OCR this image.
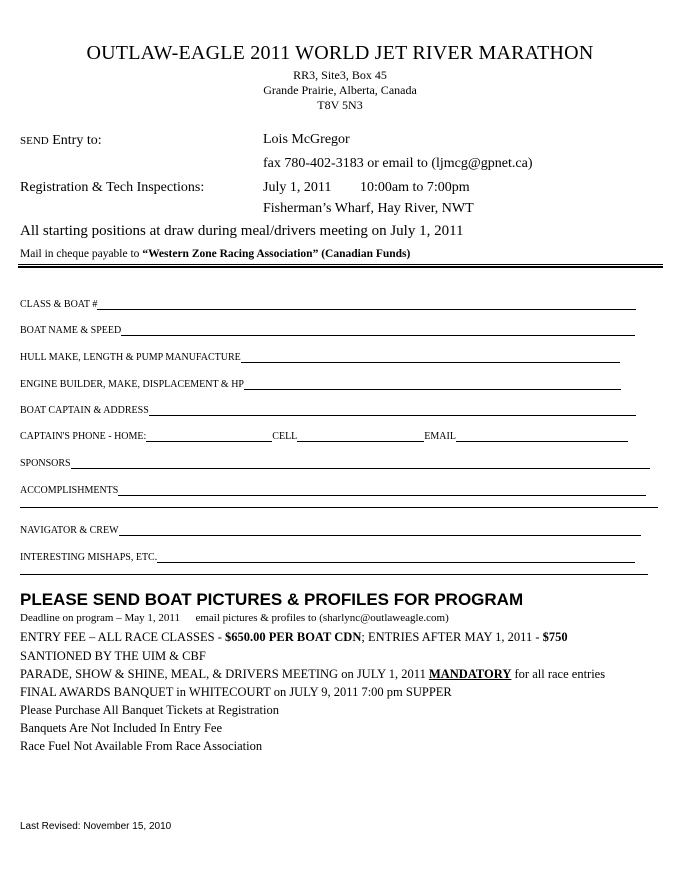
OUTLAW-EAGLE 2011 WORLD JET RIVER MARATHON
RR3, Site3, Box 45
Grande Prairie, Alberta, Canada
T8V 5N3
SEND Entry to:	Lois McGregor
fax 780-402-3183 or email to (ljmcg@gpnet.ca)
Registration & Tech Inspections:	July 1, 2011 10:00am to 7:00pm
Fisherman’s Wharf, Hay River, NWT
All starting positions at draw during meal/drivers meeting on July 1, 2011
Mail in cheque payable to “Western Zone Racing Association” (Canadian Funds)
CLASS & BOAT #
BOAT NAME & SPEED
HULL MAKE, LENGTH & PUMP MANUFACTURE
ENGINE BUILDER, MAKE, DISPLACEMENT & HP
BOAT CAPTAIN & ADDRESS
CAPTAIN'S PHONE - HOME:	CELL	EMAIL
SPONSORS
ACCOMPLISHMENTS
NAVIGATOR & CREW
INTERESTING MISHAPS, ETC.
PLEASE SEND BOAT PICTURES & PROFILES FOR PROGRAM
Deadline on program – May 1, 2011 email pictures & profiles to (sharlync@outlaweagle.com)
ENTRY FEE – ALL RACE CLASSES - $650.00 PER BOAT CDN; ENTRIES AFTER MAY 1, 2011 - $750
SANTIONED BY THE UIM & CBF
PARADE, SHOW & SHINE, MEAL, & DRIVERS MEETING on JULY 1, 2011 MANDATORY for all race entries
FINAL AWARDS BANQUET in WHITECOURT on JULY 9, 2011 7:00 pm SUPPER
Please Purchase All Banquet Tickets at Registration
Banquets Are Not Included In Entry Fee
Race Fuel Not Available From Race Association
Last Revised: November 15, 2010
